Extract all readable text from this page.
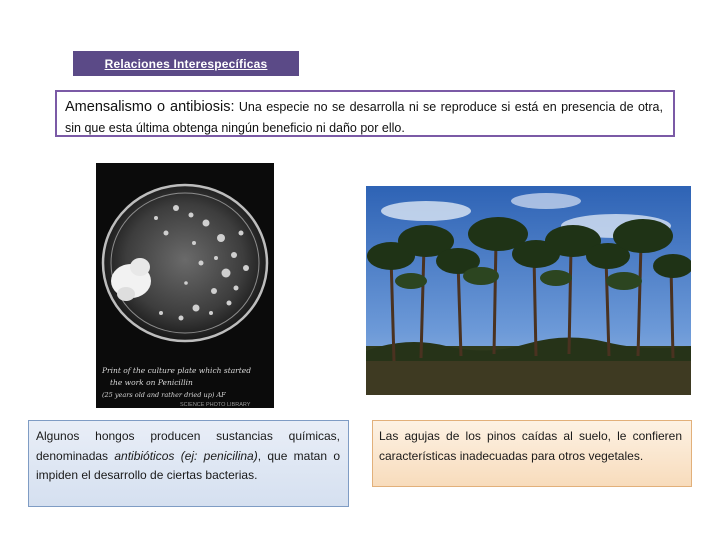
Relaciones Interespecíficas
Amensalismo o antibiosis: Una especie no se desarrolla ni se reproduce si está en presencia de otra, sin que esta última obtenga ningún beneficio ni daño por ello.
Print of the culture plate which started
the work on Penicillin
(25 years old and rather dried up) AF
SCIENCE PHOTO LIBRARY
Algunos hongos producen sustancias químicas, denominadas antibióticos (ej: penicilina), que matan o impiden el desarrollo de ciertas bacterias.
Las agujas de los pinos caídas al suelo, le confieren características inadecuadas para otros vegetales.
